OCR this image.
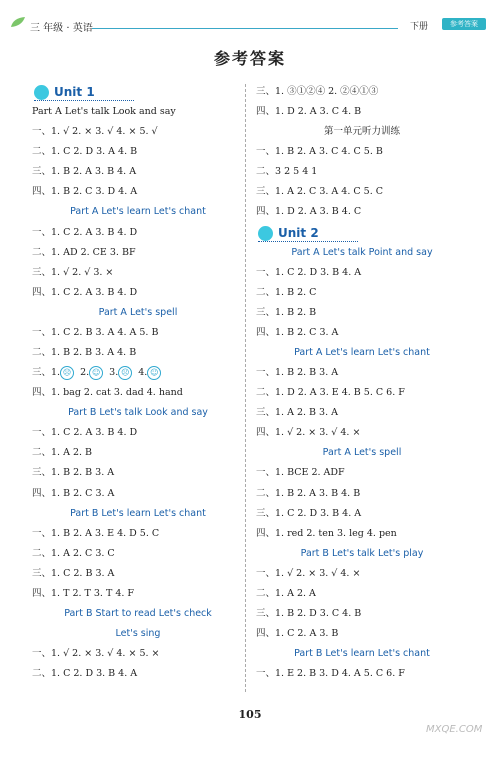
三 年级 · 英语	下册	参考答案
参考答案
Unit 1
Part A Let's talk Look and say
一、1. √ 2. × 3. √ 4. × 5. √
二、1. C 2. D 3. A 4. B
三、1. B 2. A 3. B 4. A
四、1. B 2. C 3. D 4. A
Part A Let's learn Let's chant
一、1. C 2. A 3. B 4. D
二、1. AD 2. CE 3. BF
三、1. √ 2. √ 3. ×
四、1. C 2. A 3. B 4. D
Part A Let's spell
一、1. C 2. B 3. A 4. A 5. B
二、1. B 2. B 3. A 4. B
三、1. ☹ 2. ☺ 3. ☹ 4. ☺
四、1. bag 2. cat 3. dad 4. hand
Part B Let's talk Look and say
一、1. C 2. A 3. B 4. D
二、1. A 2. B
三、1. B 2. B 3. A
四、1. B 2. C 3. A
Part B Let's learn Let's chant
一、1. B 2. A 3. E 4. D 5. C
二、1. A 2. C 3. C
三、1. C 2. B 3. A
四、1. T 2. T 3. T 4. F
Part B Start to read Let's check
Let's sing
一、1. √ 2. × 3. √ 4. × 5. ×
二、1. C 2. D 3. B 4. A
三、1. ③①②④ 2. ②④①③
四、1. D 2. A 3. C 4. B
第一单元听力训练
一、1. B 2. A 3. C 4. C 5. B
二、3 2 5 4 1
三、1. A 2. C 3. A 4. C 5. C
四、1. D 2. A 3. B 4. C
Unit 2
Part A Let's talk Point and say
一、1. C 2. D 3. B 4. A
二、1. B 2. C
三、1. B 2. B
四、1. B 2. C 3. A
Part A Let's learn Let's chant
一、1. B 2. B 3. A
二、1. D 2. A 3. E 4. B 5. C 6. F
三、1. A 2. B 3. A
四、1. √ 2. × 3. √ 4. ×
Part A Let's spell
一、1. BCE 2. ADF
二、1. B 2. A 3. B 4. B
三、1. C 2. D 3. B 4. A
四、1. red 2. ten 3. leg 4. pen
Part B Let's talk Let's play
一、1. √ 2. × 3. √ 4. ×
二、1. A 2. A
三、1. B 2. D 3. C 4. B
四、1. C 2. A 3. B
Part B Let's learn Let's chant
一、1. E 2. B 3. D 4. A 5. C 6. F
105
MXQE.COM
